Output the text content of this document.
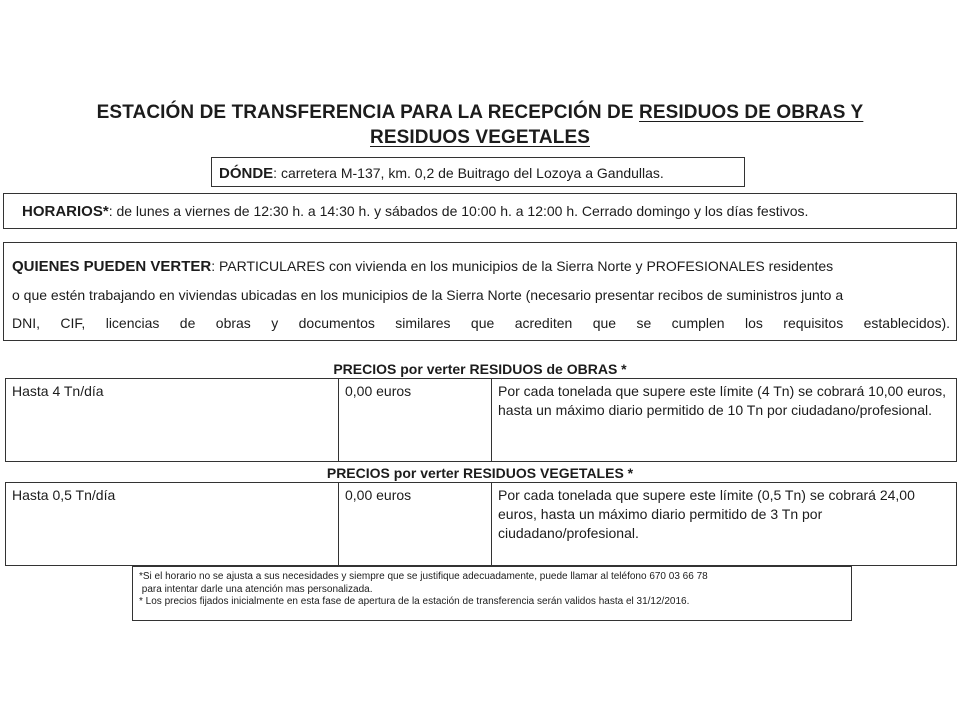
ESTACIÓN DE TRANSFERENCIA PARA LA RECEPCIÓN DE RESIDUOS DE OBRAS Y
RESIDUOS VEGETALES
DÓNDE: carretera M-137, km. 0,2 de Buitrago del Lozoya a Gandullas.
HORARIOS*: de lunes a viernes de 12:30 h. a 14:30 h. y sábados de 10:00 h. a 12:00 h. Cerrado domingo y los días festivos.
QUIENES PUEDEN VERTER: PARTICULARES con vivienda en los municipios de la Sierra Norte y PROFESIONALES residentes
o que estén trabajando en viviendas ubicadas en los municipios de la Sierra Norte (necesario presentar recibos de suministros junto a
DNI, CIF, licencias de obras y documentos similares que acrediten que se cumplen los requisitos establecidos).
PRECIOS por verter RESIDUOS de OBRAS *
Hasta 4 Tn/día	0,00 euros	Por cada tonelada que supere este límite (4 Tn) se cobrará 10,00 euros, hasta un máximo diario permitido de 10 Tn por ciudadano/profesional.
PRECIOS por verter RESIDUOS VEGETALES *
Hasta 0,5 Tn/día	0,00 euros	Por cada tonelada que supere este límite (0,5 Tn) se cobrará 24,00 euros, hasta un máximo diario permitido de 3 Tn por ciudadano/profesional.
*Si el horario no se ajusta a sus necesidades y siempre que se justifique adecuadamente, puede llamar al teléfono 670 03 66 78
para intentar darle una atención mas personalizada.
* Los precios fijados inicialmente en esta fase de apertura de la estación de transferencia serán validos hasta el 31/12/2016.
